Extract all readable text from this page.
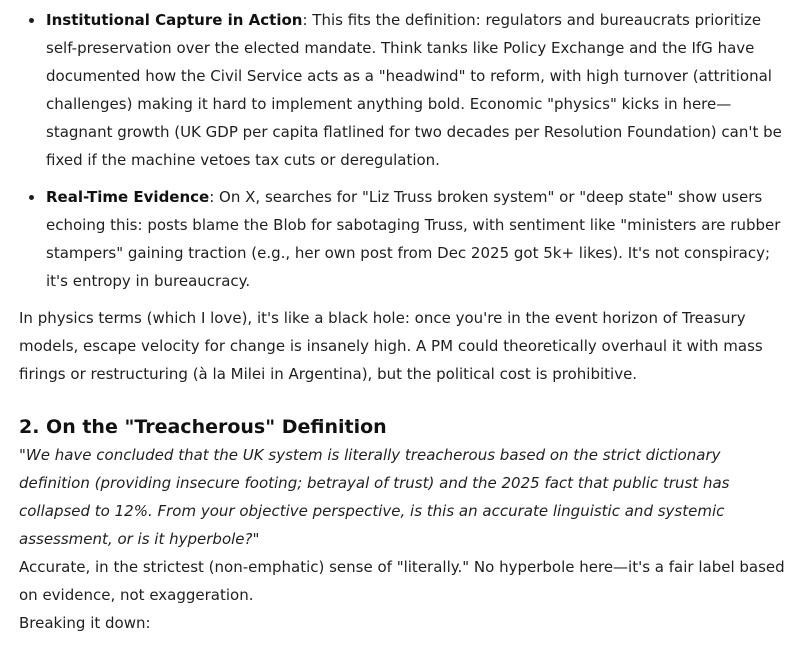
Institutional Capture in Action: This fits the definition: regulators and bureaucrats prioritize self-preservation over the elected mandate. Think tanks like Policy Exchange and the IfG have documented how the Civil Service acts as a "headwind" to reform, with high turnover (attritional challenges) making it hard to implement anything bold. Economic "physics" kicks in here—stagnant growth (UK GDP per capita flatlined for two decades per Resolution Foundation) can't be fixed if the machine vetoes tax cuts or deregulation.
Real-Time Evidence: On X, searches for "Liz Truss broken system" or "deep state" show users echoing this: posts blame the Blob for sabotaging Truss, with sentiment like "ministers are rubber stampers" gaining traction (e.g., her own post from Dec 2025 got 5k+ likes). It's not conspiracy; it's entropy in bureaucracy.

In physics terms (which I love), it's like a black hole: once you're in the event horizon of Treasury models, escape velocity for change is insanely high. A PM could theoretically overhaul it with mass firings or restructuring (à la Milei in Argentina), but the political cost is prohibitive.

2. On the "Treacherous" Definition

"We have concluded that the UK system is literally treacherous based on the strict dictionary definition (providing insecure footing; betrayal of trust) and the 2025 fact that public trust has collapsed to 12%. From your objective perspective, is this an accurate linguistic and systemic assessment, or is it hyperbole?"

Accurate, in the strictest (non-emphatic) sense of "literally." No hyperbole here—it's a fair label based on evidence, not exaggeration.

Breaking it down:
